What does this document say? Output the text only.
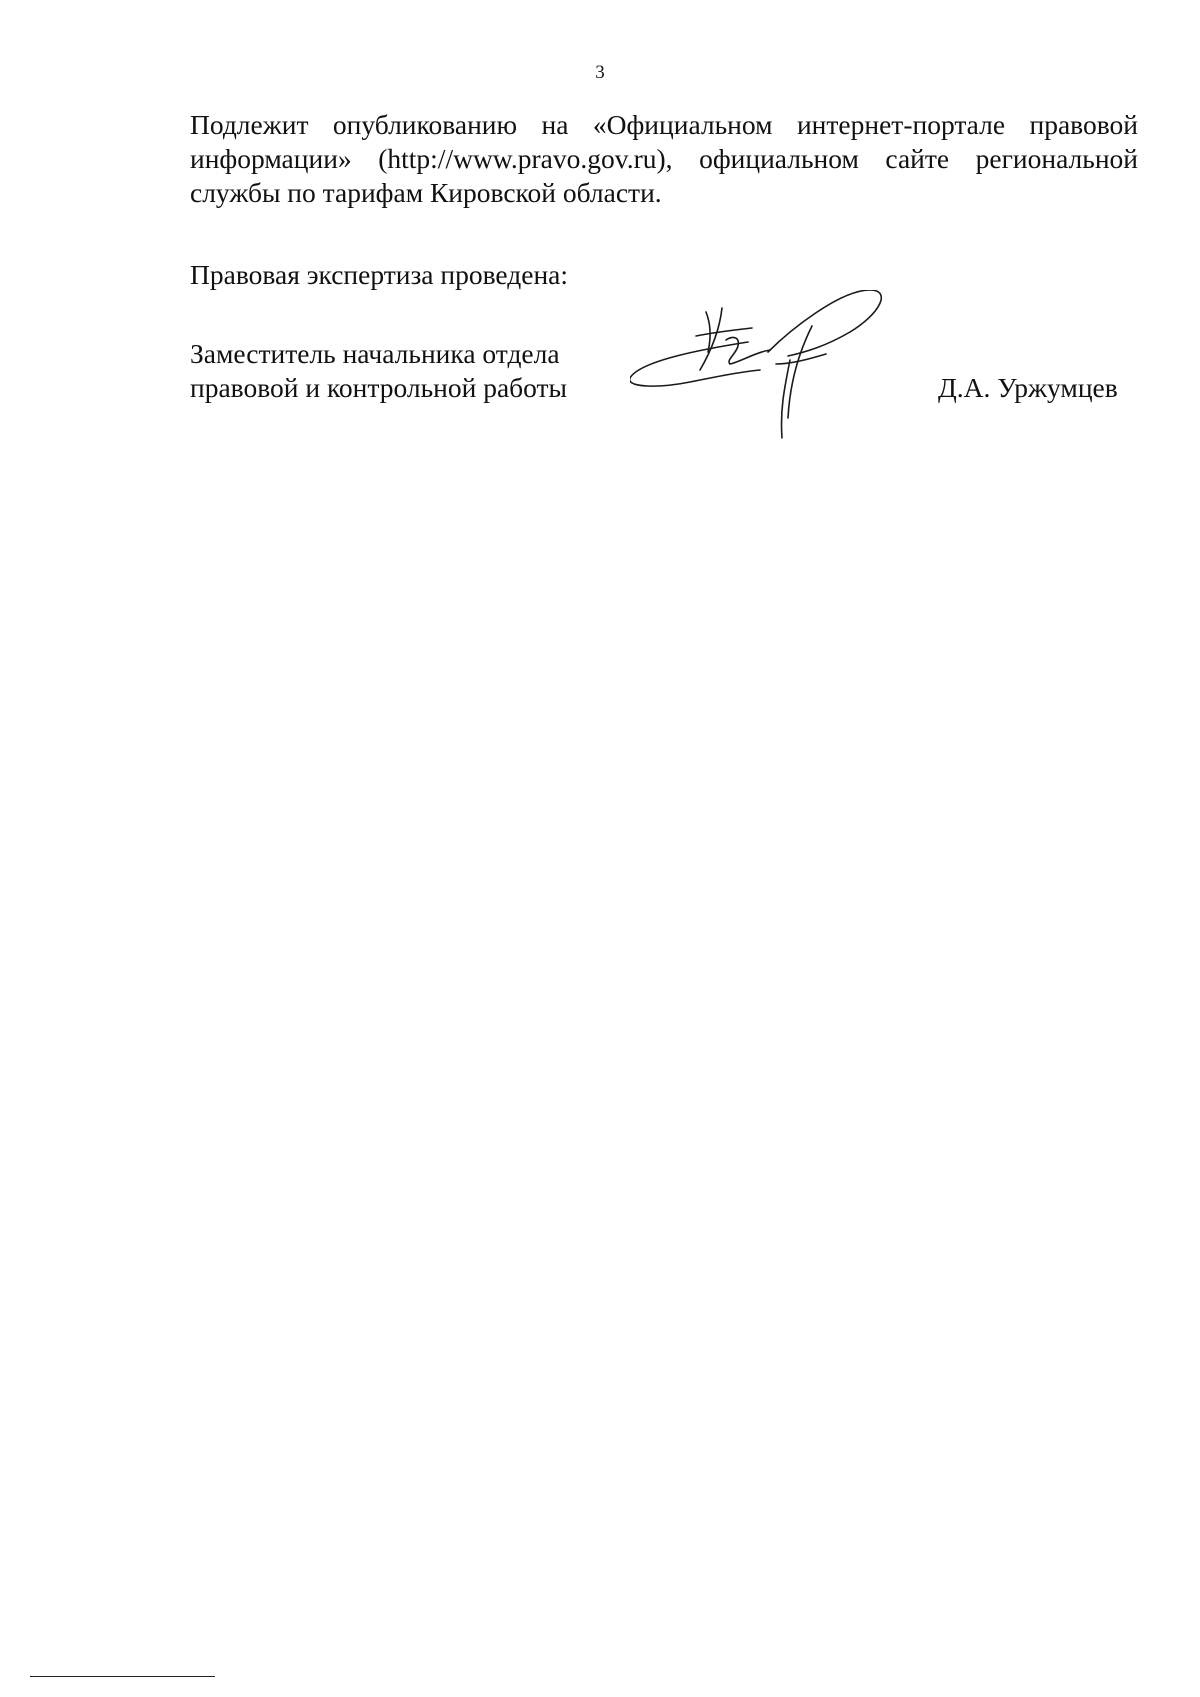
3

Подлежит опубликованию на «Официальном интернет-портале правовой информации» (http://www.pravo.gov.ru), официальном сайте региональной службы по тарифам Кировской области.

Правовая экспертиза проведена:

Заместитель начальника отдела
правовой и контрольной работы	Д.А. Уржумцев
